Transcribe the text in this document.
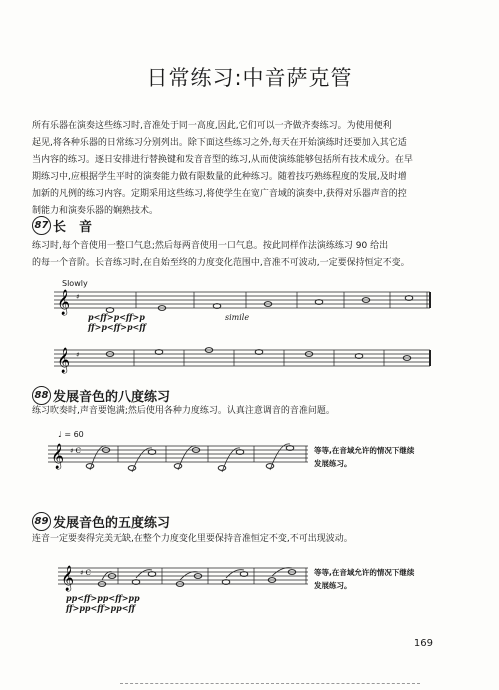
日常练习:中音萨克管
所有乐器在演奏这些练习时,音准处于同一高度,因此,它们可以一齐做齐奏练习。为使用便利
起见,将各种乐器的日常练习分别列出。除下面这些练习之外,每天在开始演练时还要加入其它适
当内容的练习。逐日安排进行替换键和发音音型的练习,从而使演练能够包括所有技术成分。在早
期练习中,应根据学生平时的演奏能力做有限数量的此种练习。随着技巧熟练程度的发展,及时增
加新的凡例的练习内容。定期采用这些练习,将使学生在宽广音域的演奏中,获得对乐器声音的控
制能力和演奏乐器的娴熟技术。
87 长　音
练习时,每个音使用一整口气息;然后每两音使用一口气息。按此同样作法演练练习 90 给出
的每一个音阶。长音练习时,在自始至终的力度变化范围中,音准不可波动,一定要保持恒定不变。
Slowly
𝄞 ♯
p<ff>p<ff>p
ff>p<ff>p<ff
simile
𝄞 ♯
88 发展音色的八度练习
练习吹奏时,声音要饱满;然后使用各种力度练习。认真注意调音的音准问题。
♩ = 60
𝄞 ♯ C	等等,在音域允许的情况下继续
发展练习。
89 发展音色的五度练习
连音一定要奏得完美无缺,在整个力度变化里要保持音准恒定不变,不可出现波动。
𝄞 ♯ C	等等,在音域允许的情况下继续
发展练习。
pp<ff>pp<ff>pp
ff>pp<ff>pp<ff
169
